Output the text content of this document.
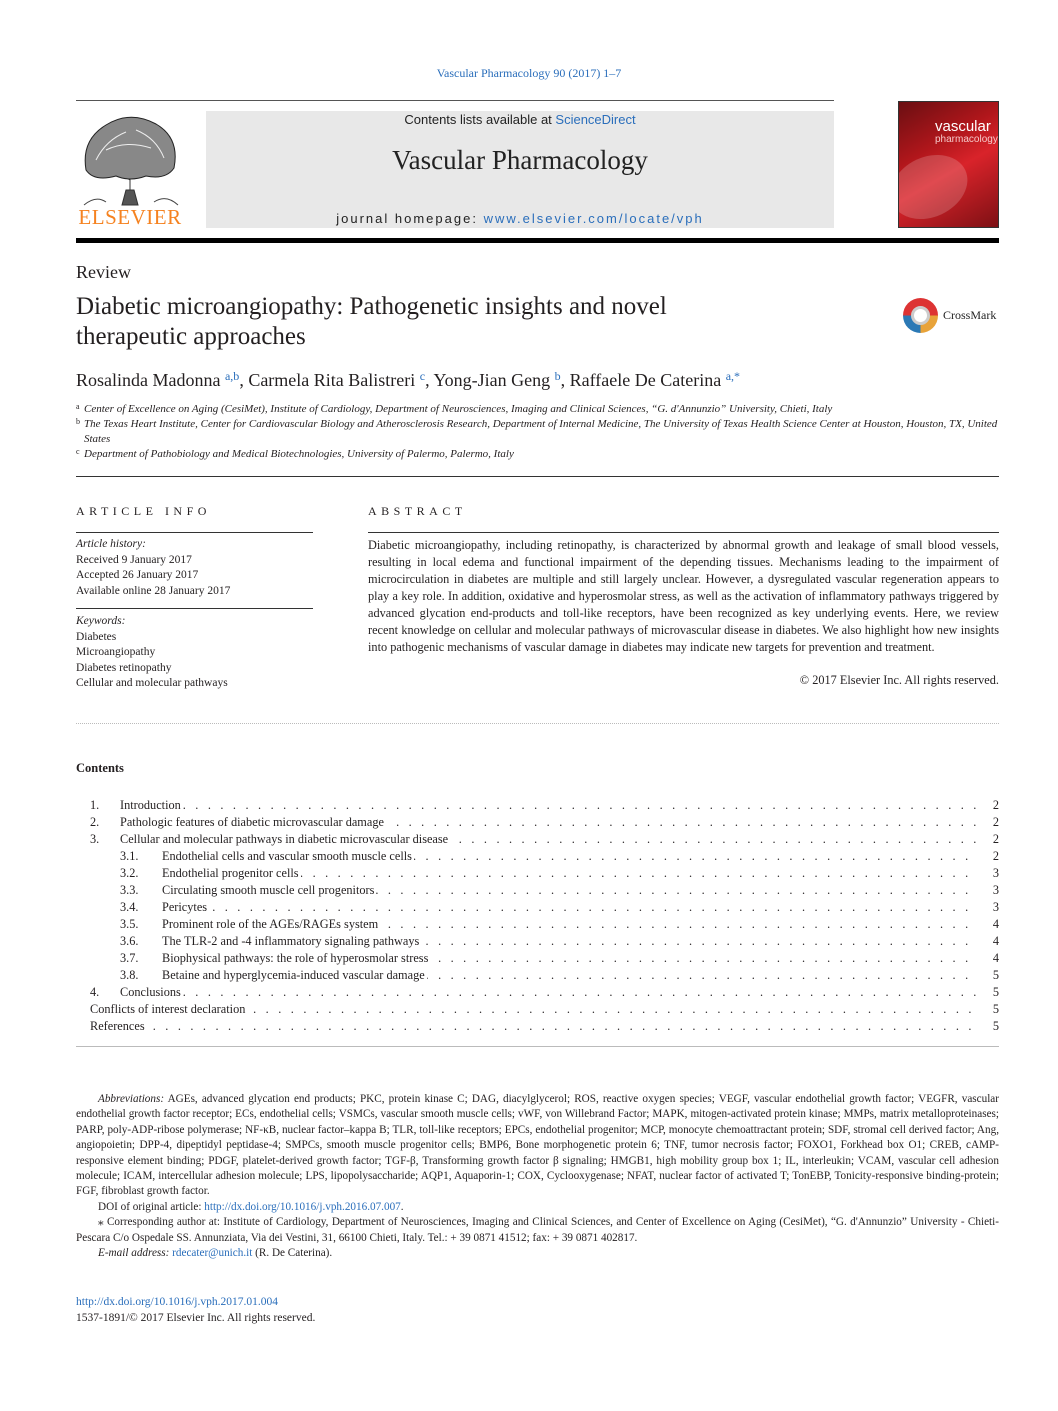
Vascular Pharmacology 90 (2017) 1–7
ELSEVIER
Contents lists available at ScienceDirect
Vascular Pharmacology
journal homepage: www.elsevier.com/locate/vph
vascular
pharmacology
Review
Diabetic microangiopathy: Pathogenetic insights and novel therapeutic approaches
CrossMark
Rosalinda Madonna $^{a,b}$, Carmela Rita Balistreri $^c$, Yong-Jian Geng $^b$, Raffaele De Caterina $^{a,*}$
a Center of Excellence on Aging (CesiMet), Institute of Cardiology, Department of Neurosciences, Imaging and Clinical Sciences, “G. d'Annunzio” University, Chieti, Italy
b The Texas Heart Institute, Center for Cardiovascular Biology and Atherosclerosis Research, Department of Internal Medicine, The University of Texas Health Science Center at Houston, Houston, TX, United States
c Department of Pathobiology and Medical Biotechnologies, University of Palermo, Palermo, Italy
ARTICLE INFO
Article history:
Received 9 January 2017
Accepted 26 January 2017
Available online 28 January 2017
Keywords:
Diabetes
Microangiopathy
Diabetes retinopathy
Cellular and molecular pathways
ABSTRACT
Diabetic microangiopathy, including retinopathy, is characterized by abnormal growth and leakage of small blood vessels, resulting in local edema and functional impairment of the depending tissues. Mechanisms leading to the impairment of microcirculation in diabetes are multiple and still largely unclear. However, a dysregulated vascular regeneration appears to play a key role. In addition, oxidative and hyperosmolar stress, as well as the activation of inflammatory pathways triggered by advanced glycation end-products and toll-like receptors, have been recognized as key underlying events. Here, we review recent knowledge on cellular and molecular pathways of microvascular disease in diabetes. We also highlight how new insights into pathogenic mechanisms of vascular damage in diabetes may indicate new targets for prevention and treatment.
© 2017 Elsevier Inc. All rights reserved.
Contents
1. Introduction . . .	2
2. Pathologic features of diabetic microvascular damage . . .	2
3. Cellular and molecular pathways in diabetic microvascular disease . . .	2
3.1. Endothelial cells and vascular smooth muscle cells . . .	2
3.2. Endothelial progenitor cells . . .	3
3.3. Circulating smooth muscle cell progenitors . . .	3
3.4. Pericytes . . .	3
3.5. Prominent role of the AGEs/RAGEs system . . .	4
3.6. The TLR-2 and -4 inflammatory signaling pathways . . .	4
3.7. Biophysical pathways: the role of hyperosmolar stress . . .	4
3.8. Betaine and hyperglycemia-induced vascular damage . . .	5
4. Conclusions . . .	5
Conflicts of interest declaration . . .	5
References . . .	5

Abbreviations: AGEs, advanced glycation end products; PKC, protein kinase C; DAG, diacylglycerol; ROS, reactive oxygen species; VEGF, vascular endothelial growth factor; VEGFR, vascular endothelial growth factor receptor; ECs, endothelial cells; VSMCs, vascular smooth muscle cells; vWF, von Willebrand Factor; MAPK, mitogen-activated protein kinase; MMPs, matrix metalloproteinases; PARP, poly-ADP-ribose polymerase; NF-κB, nuclear factor–kappa B; TLR, toll-like receptors; EPCs, endothelial progenitor; MCP, monocyte chemoattractant protein; SDF, stromal cell derived factor; Ang, angiopoietin; DPP-4, dipeptidyl peptidase-4; SMPCs, smooth muscle progenitor cells; BMP6, Bone morphogenetic protein 6; TNF, tumor necrosis factor; FOXO1, Forkhead box O1; CREB, cAMP-responsive element binding; PDGF, platelet-derived growth factor; TGF-β, Transforming growth factor β signaling; HMGB1, high mobility group box 1; IL, interleukin; VCAM, vascular cell adhesion molecule; ICAM, intercellular adhesion molecule; LPS, lipopolysaccharide; AQP1, Aquaporin-1; COX, Cyclooxygenase; NFAT, nuclear factor of activated T; TonEBP, Tonicity-responsive binding-protein; FGF, fibroblast growth factor.

DOI of original article: http://dx.doi.org/10.1016/j.vph.2016.07.007.

⁎ Corresponding author at: Institute of Cardiology, Department of Neurosciences, Imaging and Clinical Sciences, and Center of Excellence on Aging (CesiMet), “G. d'Annunzio” University - Chieti-Pescara C/o Ospedale SS. Annunziata, Via dei Vestini, 31, 66100 Chieti, Italy. Tel.: + 39 0871 41512; fax: + 39 0871 402817.

E-mail address: rdecater@unich.it (R. De Caterina).

http://dx.doi.org/10.1016/j.vph.2017.01.004
1537-1891/© 2017 Elsevier Inc. All rights reserved.
